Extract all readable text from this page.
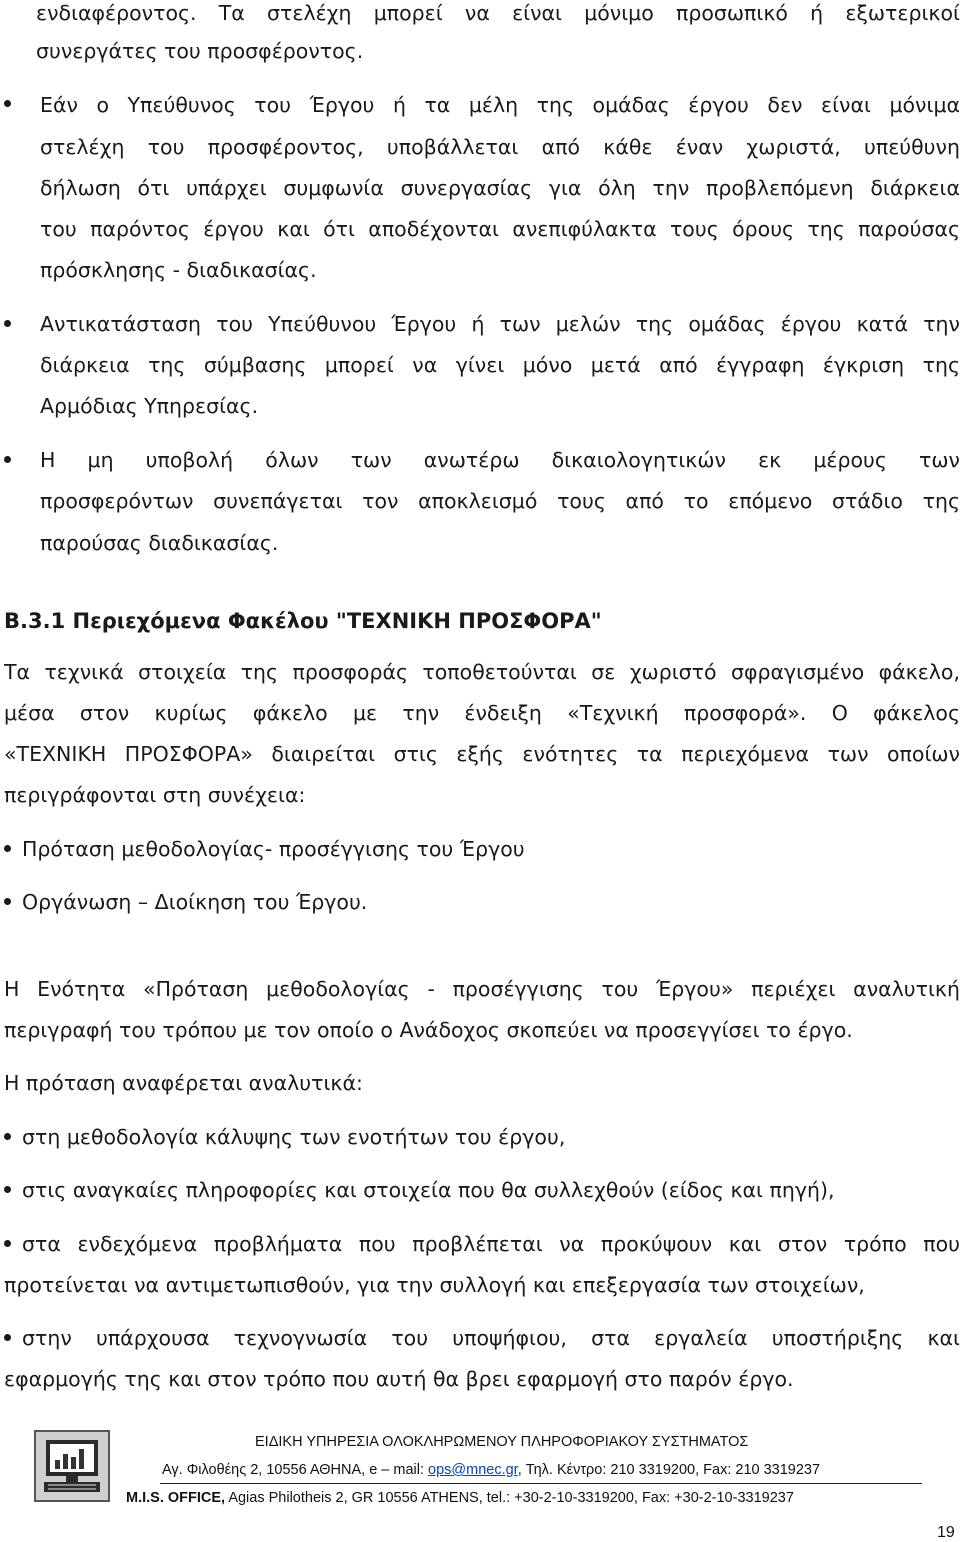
ενδιαφέροντος. Τα στελέχη μπορεί να είναι μόνιμο προσωπικό ή εξωτερικοί
συνεργάτες του προσφέροντος.
Εάν ο Υπεύθυνος του Έργου ή τα μέλη της ομάδας έργου δεν είναι μόνιμα
στελέχη του προσφέροντος, υποβάλλεται από κάθε έναν χωριστά, υπεύθυνη
δήλωση ότι υπάρχει συμφωνία συνεργασίας για όλη την προβλεπόμενη διάρκεια
του παρόντος έργου και ότι αποδέχονται ανεπιφύλακτα τους όρους της παρούσας
πρόσκλησης - διαδικασίας.
Αντικατάσταση του Υπεύθυνου Έργου ή των μελών της ομάδας έργου κατά την
διάρκεια της σύμβασης μπορεί να γίνει μόνο μετά από έγγραφη έγκριση της
Αρμόδιας Υπηρεσίας.
Η μη υποβολή όλων των ανωτέρω δικαιολογητικών εκ μέρους των
προσφερόντων συνεπάγεται τον αποκλεισμό τους από το επόμενο στάδιο της
παρούσας διαδικασίας.
Β.3.1 Περιεχόμενα Φακέλου "ΤΕΧΝΙΚΗ ΠΡΟΣΦΟΡΑ"
Τα τεχνικά στοιχεία της προσφοράς τοποθετούνται σε χωριστό σφραγισμένο φάκελο,
μέσα στον κυρίως φάκελο με την ένδειξη «Τεχνική προσφορά». Ο φάκελος
«ΤΕΧΝΙΚΗ ΠΡΟΣΦΟΡΑ» διαιρείται στις εξής ενότητες τα περιεχόμενα των οποίων
περιγράφονται στη συνέχεια:
Πρόταση μεθοδολογίας- προσέγγισης του Έργου
Οργάνωση – Διοίκηση του Έργου.
Η Ενότητα «Πρόταση μεθοδολογίας - προσέγγισης του Έργου» περιέχει αναλυτική
περιγραφή του τρόπου με τον οποίο ο Ανάδοχος σκοπεύει να προσεγγίσει το έργο.
Η πρόταση αναφέρεται αναλυτικά:
στη μεθοδολογία κάλυψης των ενοτήτων του έργου,
στις αναγκαίες πληροφορίες και στοιχεία που θα συλλεχθούν (είδος και πηγή),
στα ενδεχόμενα προβλήματα που προβλέπεται να προκύψουν και στον τρόπο που
προτείνεται να αντιμετωπισθούν, για την συλλογή και επεξεργασία των στοιχείων,
στην υπάρχουσα τεχνογνωσία του υποψήφιου, στα εργαλεία υποστήριξης και
εφαρμογής της και στον τρόπο που αυτή θα βρει εφαρμογή στο παρόν έργο.
ΕΙΔΙΚΗ ΥΠΗΡΕΣΙΑ ΟΛΟΚΛΗΡΩΜΕΝΟΥ ΠΛΗΡΟΦΟΡΙΑΚΟΥ ΣΥΣΤΗΜΑΤΟΣ
Αγ. Φιλοθέης 2, 10556 ΑΘΗΝΑ, e – mail: ops@mnec.gr, Τηλ. Κέντρο: 210 3319200, Fax: 210 3319237
M.I.S. OFFICE, Agias Philotheis 2, GR 10556 ATHENS, tel.: +30-2-10-3319200, Fax: +30-2-10-3319237
19
